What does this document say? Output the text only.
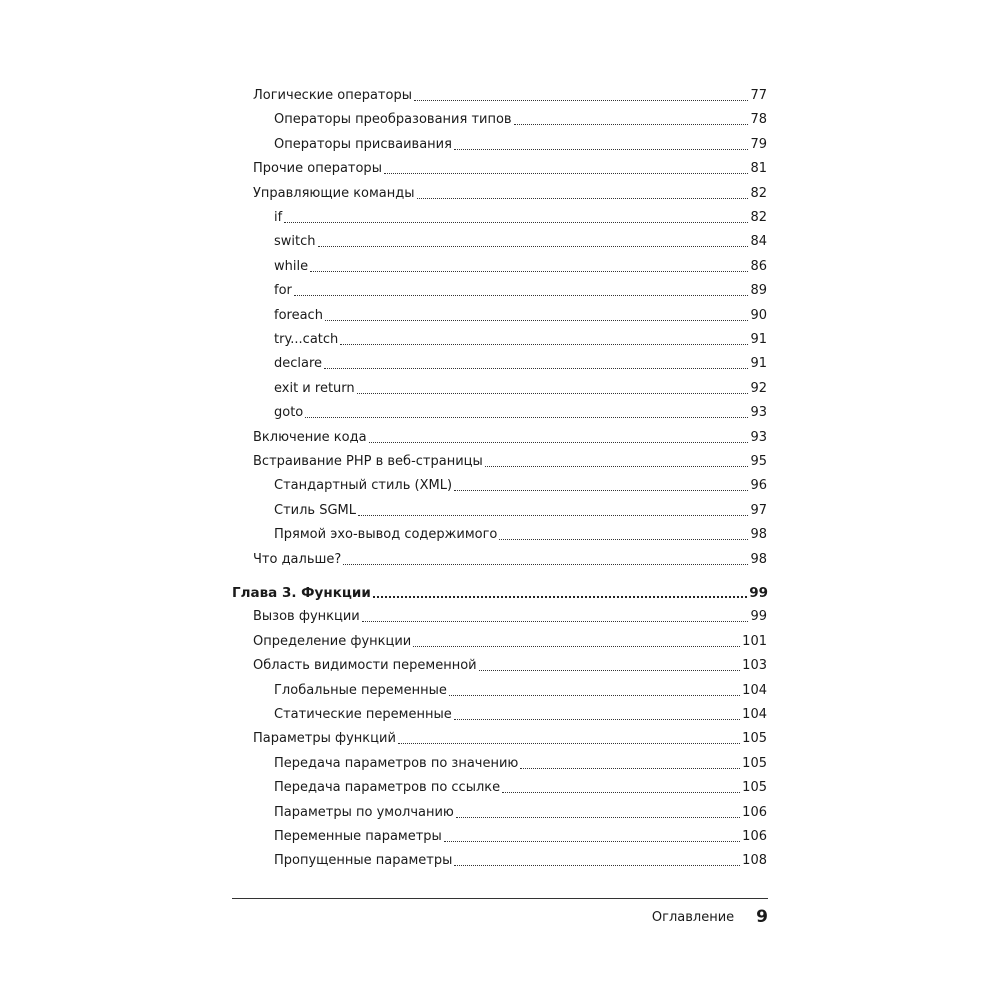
Логические операторы	77
Операторы преобразования типов	78
Операторы присваивания	79
Прочие операторы	81
Управляющие команды	82
if	82
switch	84
while	86
for	89
foreach	90
try...catch	91
declare	91
exit и return	92
goto	93
Включение кода	93
Встраивание PHP в веб-страницы	95
Стандартный стиль (XML)	96
Стиль SGML	97
Прямой эхо-вывод содержимого	98
Что дальше?	98
Глава 3. Функции	99
Вызов функции	99
Определение функции	101
Область видимости переменной	103
Глобальные переменные	104
Статические переменные	104
Параметры функций	105
Передача параметров по значению	105
Передача параметров по ссылке	105
Параметры по умолчанию	106
Переменные параметры	106
Пропущенные параметры	108
Оглавление 9
